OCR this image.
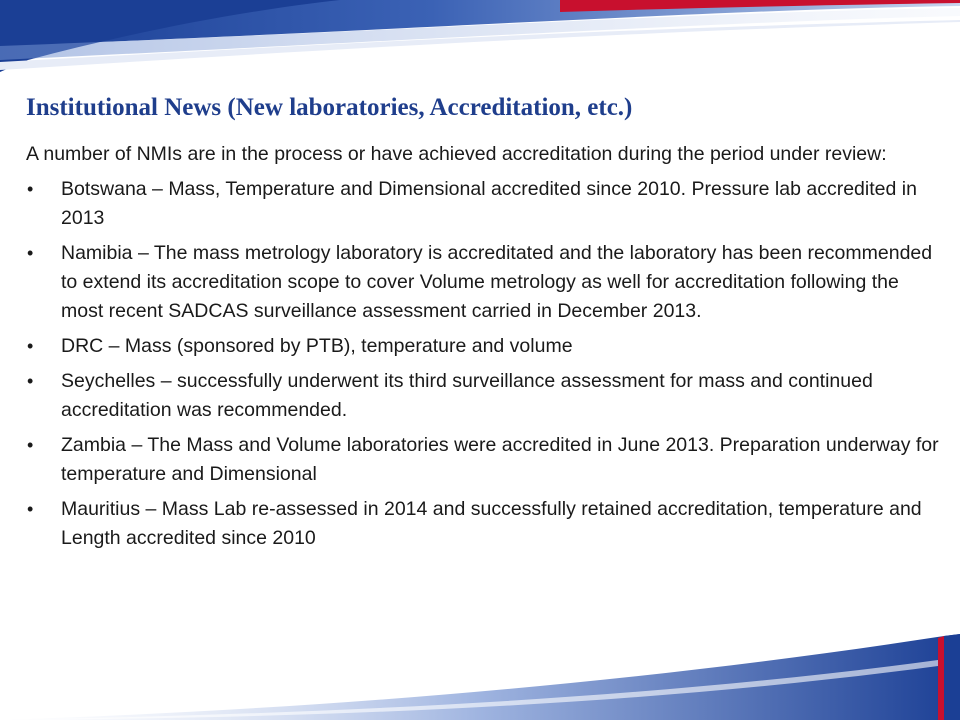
Institutional News (New laboratories, Accreditation, etc.)

A number of NMIs are in the process or have achieved accreditation during the period under review:

• Botswana – Mass, Temperature and Dimensional accredited since 2010. Pressure lab accredited in 2013
• Namibia – The mass metrology laboratory is accreditated and the laboratory has been recommended to extend its accreditation scope to cover Volume metrology as well for accreditation following the most recent SADCAS surveillance assessment carried in December 2013.
• DRC – Mass (sponsored by PTB), temperature and volume
• Seychelles – successfully underwent its third surveillance assessment for mass and continued accreditation was recommended.
• Zambia – The Mass and Volume laboratories were accredited in June 2013. Preparation underway for temperature and Dimensional
• Mauritius – Mass Lab re-assessed in 2014 and successfully retained accreditation, temperature and Length accredited since 2010
